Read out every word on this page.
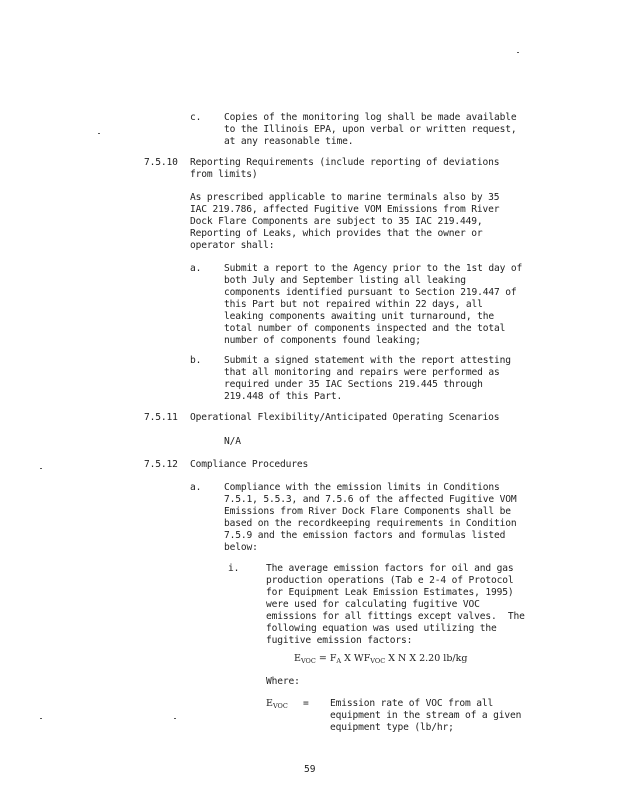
c. Copies of the monitoring log shall be made available
to the Illinois EPA, upon verbal or written request,
at any reasonable time.
7.5.10 Reporting Requirements (include reporting of deviations
from limits)
As prescribed applicable to marine terminals also by 35
IAC 219.786, affected Fugitive VOM Emissions from River
Dock Flare Components are subject to 35 IAC 219.449,
Reporting of Leaks, which provides that the owner or
operator shall:
a. Submit a report to the Agency prior to the 1st day of
both July and September listing all leaking
components identified pursuant to Section 219.447 of
this Part but not repaired within 22 days, all
leaking components awaiting unit turnaround, the
total number of components inspected and the total
number of components found leaking;
b. Submit a signed statement with the report attesting
that all monitoring and repairs were performed as
required under 35 IAC Sections 219.445 through
219.448 of this Part.
7.5.11 Operational Flexibility/Anticipated Operating Scenarios
N/A
7.5.12 Compliance Procedures
a. Compliance with the emission limits in Conditions
7.5.1, 5.5.3, and 7.5.6 of the affected Fugitive VOM
Emissions from River Dock Flare Components shall be
based on the recordkeeping requirements in Condition
7.5.9 and the emission factors and formulas listed
below:
i.	The average emission factors for oil and gas
production operations (Tab e 2-4 of Protocol
for Equipment Leak Emission Estimates, 1995)
were used for calculating fugitive VOC
emissions for all fittings except valves.  The
following equation was used utilizing the
fugitive emission factors:
$E_{VOC} = F_A$ X $WF_{VOC}$ X N X 2.20 lb/kg
Where:
$E_{VOC}$ = Emission rate of VOC from all
equipment in the stream of a given
equipment type (lb/hr;
59
